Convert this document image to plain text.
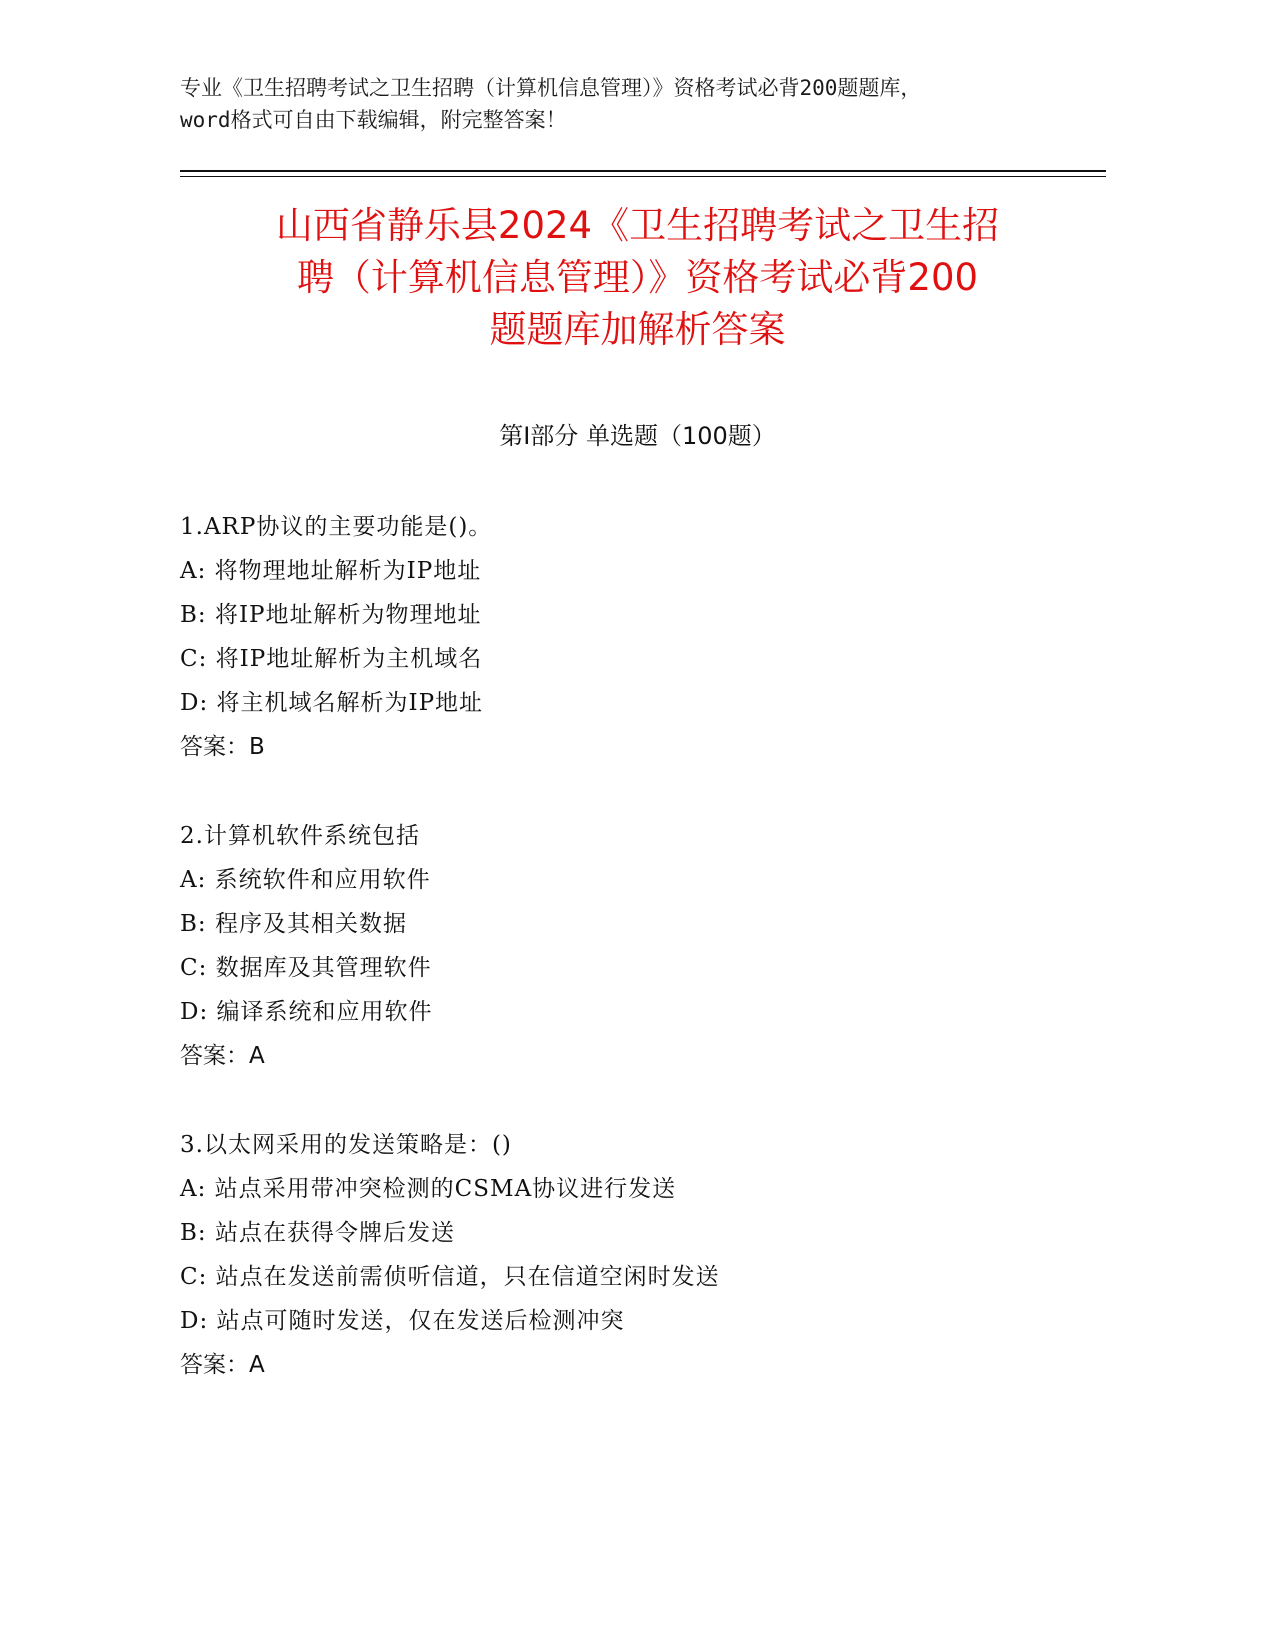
专业《卫生招聘考试之卫生招聘（计算机信息管理）》资格考试必背200题题库，
word格式可自由下载编辑，附完整答案！
山西省静乐县2024《卫生招聘考试之卫生招
聘（计算机信息管理）》资格考试必背200
题题库加解析答案
第Ⅰ部分 单选题（100题）
1.ARP协议的主要功能是()。
A: 将物理地址解析为IP地址
B: 将IP地址解析为物理地址
C: 将IP地址解析为主机域名
D: 将主机域名解析为IP地址
答案：B
2.计算机软件系统包括
A: 系统软件和应用软件
B: 程序及其相关数据
C: 数据库及其管理软件
D: 编译系统和应用软件
答案：A
3.以太网采用的发送策略是：()
A: 站点采用带冲突检测的CSMA协议进行发送
B: 站点在获得令牌后发送
C: 站点在发送前需侦听信道，只在信道空闲时发送
D: 站点可随时发送，仅在发送后检测冲突
答案：A
